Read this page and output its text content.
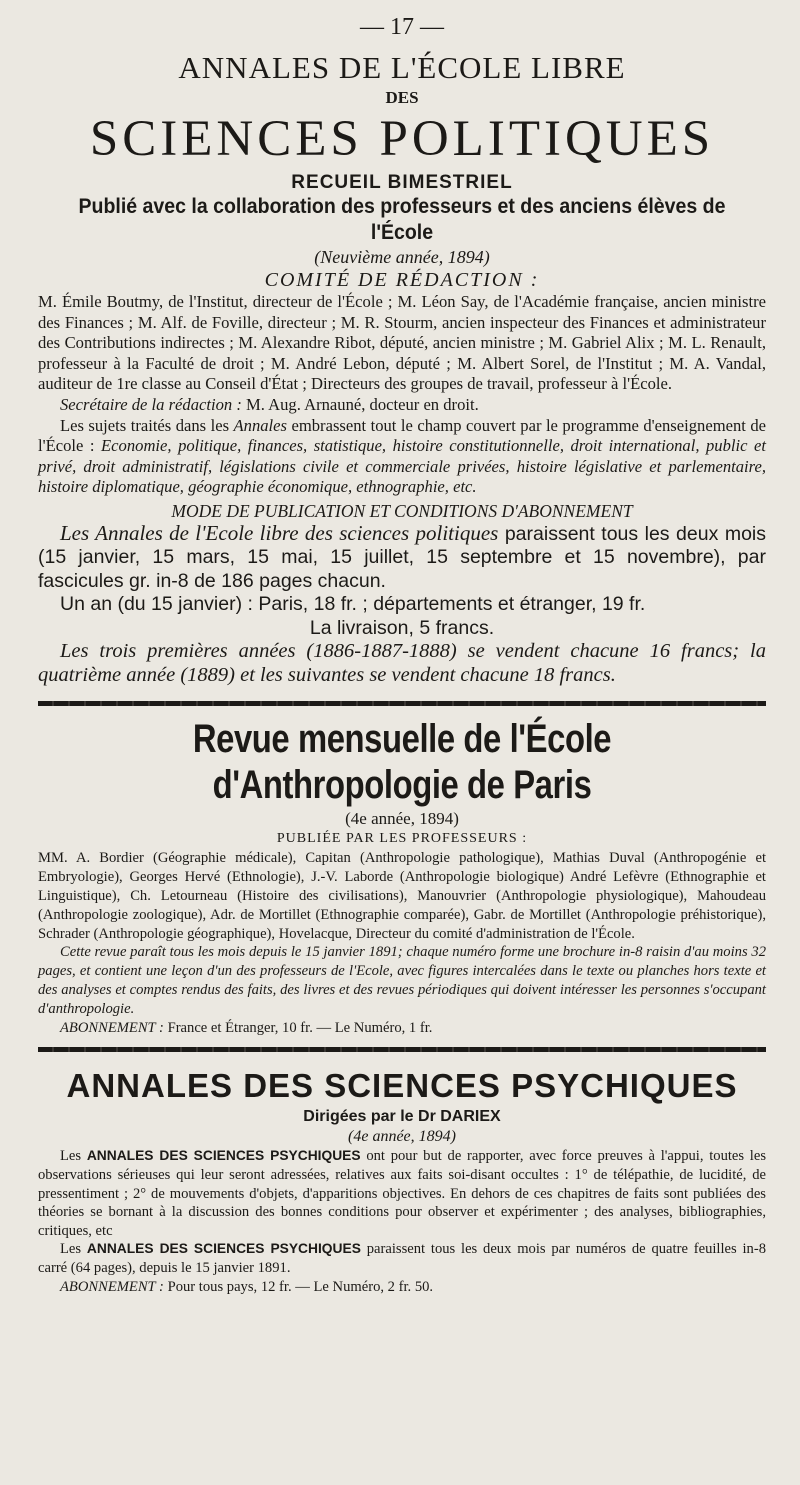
— 17 —
ANNALES DE L'ÉCOLE LIBRE
DES
SCIENCES POLITIQUES
RECUEIL BIMESTRIEL
Publié avec la collaboration des professeurs et des anciens élèves de l'École
(Neuvième année, 1894)
COMITÉ DE RÉDACTION :

M. Émile Boutmy, de l'Institut, directeur de l'École ; M. Léon Say, de l'Académie française, ancien ministre des Finances ; M. Alf. de Foville, directeur ; M. R. Stourm, ancien inspecteur des Finances et administrateur des Contributions indirectes ; M. Alexandre Ribot, député, ancien ministre ; M. Gabriel Alix ; M. L. Renault, professeur à la Faculté de droit ; M. André Lebon, député ; M. Albert Sorel, de l'Institut ; M. A. Vandal, auditeur de 1re classe au Conseil d'État ; Directeurs des groupes de travail, professeur à l'École.

Secrétaire de la rédaction : M. Aug. Arnauné, docteur en droit.

Les sujets traités dans les Annales embrassent tout le champ couvert par le programme d'enseignement de l'École : Economie, politique, finances, statistique, histoire constitutionnelle, droit international, public et privé, droit administratif, législations civile et commerciale privées, histoire législative et parlementaire, histoire diplomatique, géographie économique, ethnographie, etc.

MODE DE PUBLICATION ET CONDITIONS D'ABONNEMENT

Les Annales de l'Ecole libre des sciences politiques paraissent tous les deux mois (15 janvier, 15 mars, 15 mai, 15 juillet, 15 septembre et 15 novembre), par fascicules gr. in-8 de 186 pages chacun.

Un an (du 15 janvier) : Paris, 18 fr. ; départements et étranger, 19 fr.

La livraison, 5 francs.

Les trois premières années (1886-1887-1888) se vendent chacune 16 francs; la quatrième année (1889) et les suivantes se vendent chacune 18 francs.

Revue mensuelle de l'École d'Anthropologie de Paris
(4e année, 1894)
PUBLIÉE PAR LES PROFESSEURS :

MM. A. Bordier (Géographie médicale), Capitan (Anthropologie pathologique), Mathias Duval (Anthropogénie et Embryologie), Georges Hervé (Ethnologie), J.-V. Laborde (Anthropologie biologique) André Lefèvre (Ethnographie et Linguistique), Ch. Letourneau (Histoire des civilisations), Manouvrier (Anthropologie physiologique), Mahoudeau (Anthropologie zoologique), Adr. de Mortillet (Ethnographie comparée), Gabr. de Mortillet (Anthropologie préhistorique), Schrader (Anthropologie géographique), Hovelacque, Directeur du comité d'administration de l'École.

Cette revue paraît tous les mois depuis le 15 janvier 1891; chaque numéro forme une brochure in-8 raisin d'au moins 32 pages, et contient une leçon d'un des professeurs de l'Ecole, avec figures intercalées dans le texte ou planches hors texte et des analyses et comptes rendus des faits, des livres et des revues périodiques qui doivent intéresser les personnes s'occupant d'anthropologie.

ABONNEMENT : France et Étranger, 10 fr. — Le Numéro, 1 fr.

ANNALES DES SCIENCES PSYCHIQUES
Dirigées par le Dr DARIEX
(4e année, 1894)

Les ANNALES DES SCIENCES PSYCHIQUES ont pour but de rapporter, avec force preuves à l'appui, toutes les observations sérieuses qui leur seront adressées, relatives aux faits soi-disant occultes : 1° de télépathie, de lucidité, de pressentiment ; 2° de mouvements d'objets, d'apparitions objectives. En dehors de ces chapitres de faits sont publiées des théories se bornant à la discussion des bonnes conditions pour observer et expérimenter ; des analyses, bibliographies, critiques, etc

Les ANNALES DES SCIENCES PSYCHIQUES paraissent tous les deux mois par numéros de quatre feuilles in-8 carré (64 pages), depuis le 15 janvier 1891.

ABONNEMENT : Pour tous pays, 12 fr. — Le Numéro, 2 fr. 50.
